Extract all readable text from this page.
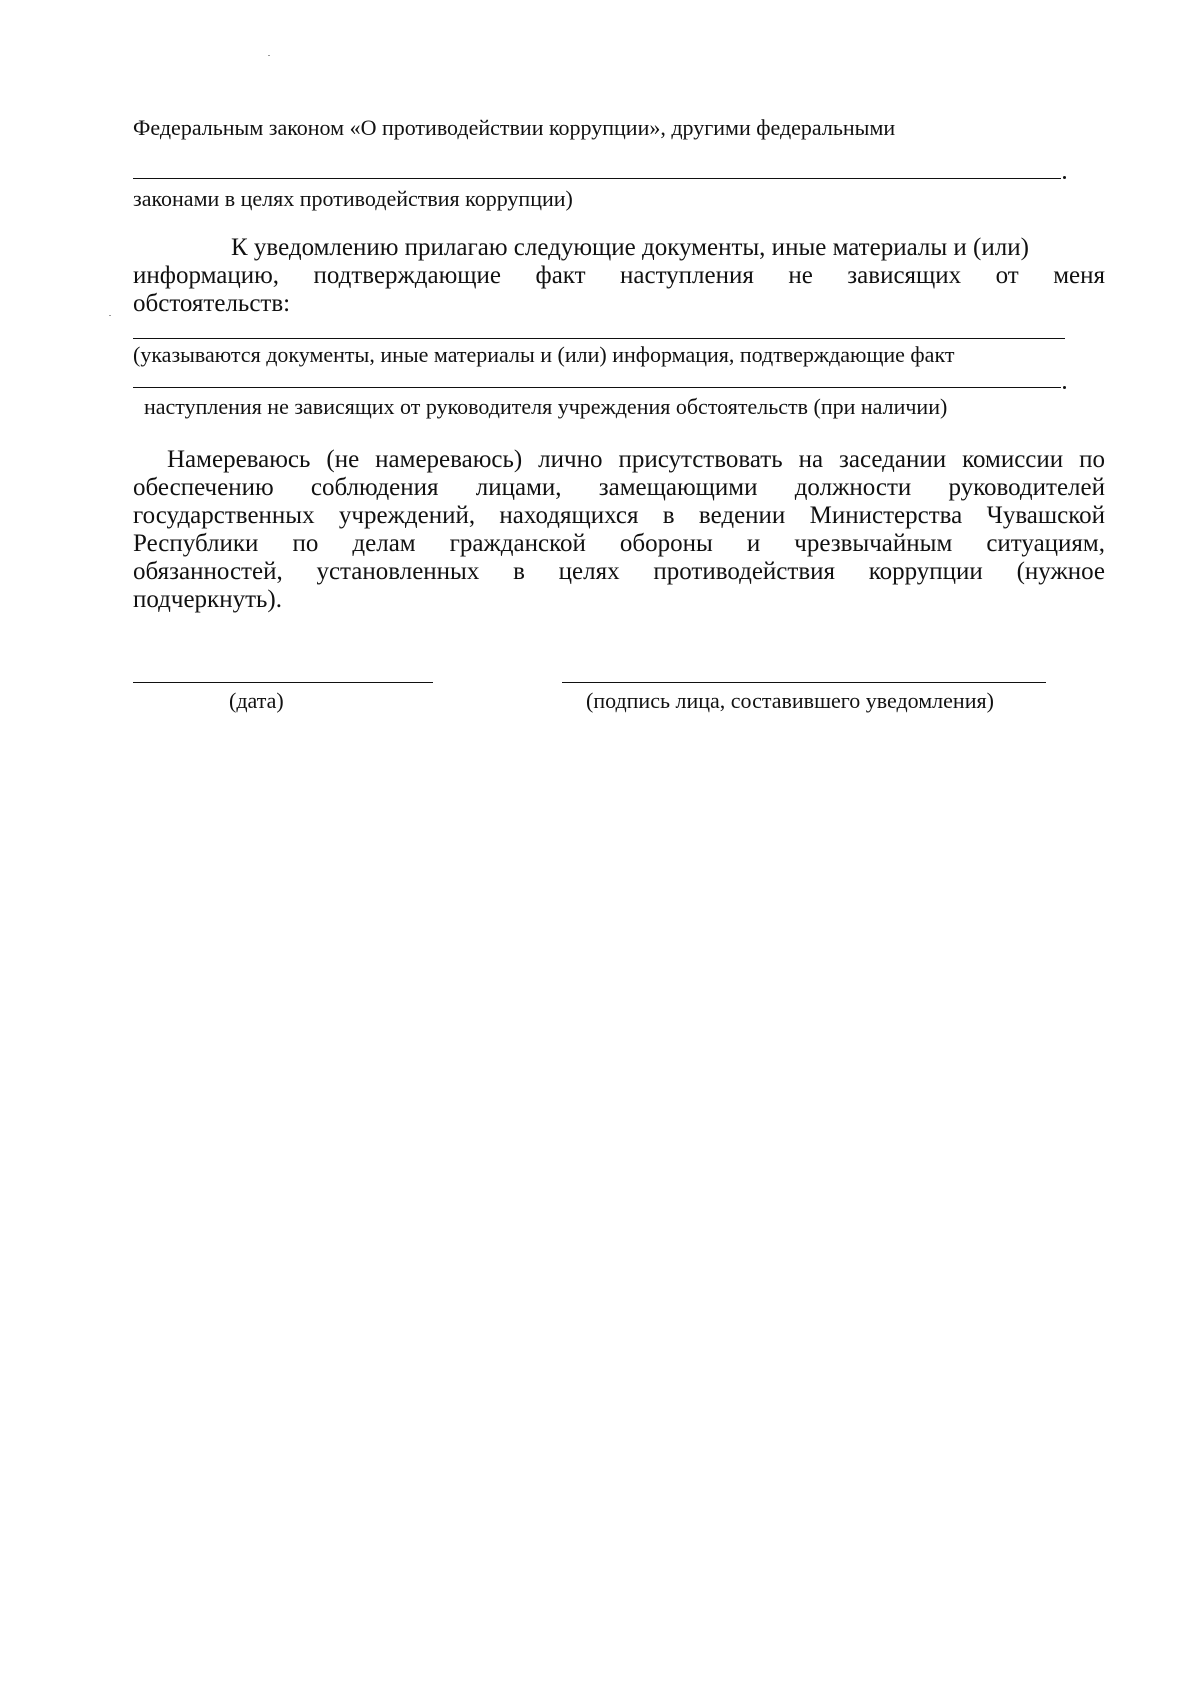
Федеральным законом «О противодействии коррупции», другими федеральными
законами в целях противодействия коррупции)
К уведомлению прилагаю следующие документы, иные материалы и (или)
информацию, подтверждающие факт наступления не зависящих от меня
обстоятельств:
(указываются документы, иные материалы и (или) информация, подтверждающие факт
наступления не зависящих от руководителя учреждения обстоятельств (при наличии)
Намереваюсь (не намереваюсь) лично присутствовать на заседании комиссии по
обеспечению соблюдения лицами, замещающими должности руководителей
государственных учреждений, находящихся в ведении Министерства Чувашской
Республики по делам гражданской обороны и чрезвычайным ситуациям,
обязанностей, установленных в целях противодействия коррупции (нужное
подчеркнуть).
(дата)	(подпись лица, составившего уведомления)
